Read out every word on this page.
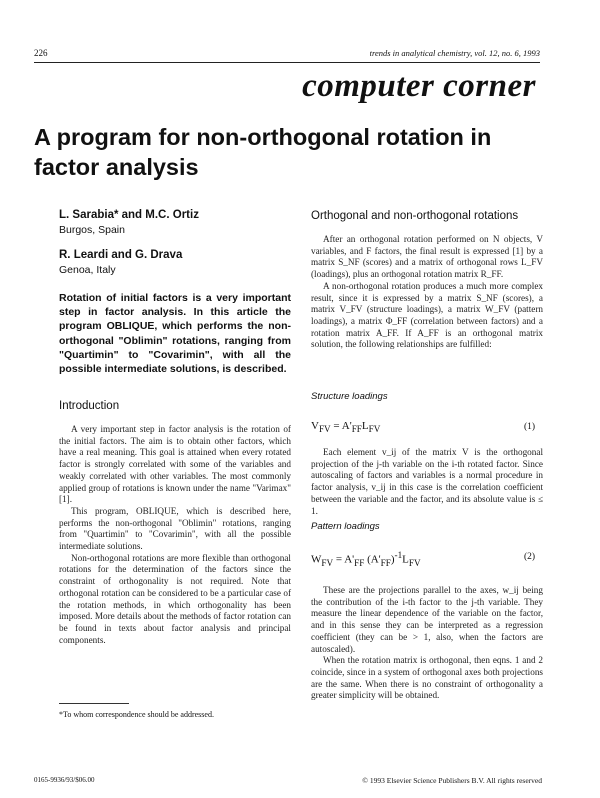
226	trends in analytical chemistry, vol. 12, no. 6, 1993
computer corner
A program for non-orthogonal rotation in factor analysis
L. Sarabia* and M.C. Ortiz
Burgos, Spain
R. Leardi and G. Drava
Genoa, Italy
Rotation of initial factors is a very important step in factor analysis. In this article the program OBLIQUE, which performs the non-orthogonal "Oblimin" rotations, ranging from "Quartimin" to "Covarimin", with all the possible intermediate solutions, is described.
Introduction

A very important step in factor analysis is the rotation of the initial factors. The aim is to obtain other factors, which have a real meaning. This goal is attained when every rotated factor is strongly correlated with some of the variables and weakly correlated with other variables. The most commonly applied group of rotations is known under the name "Varimax" [1].

This program, OBLIQUE, which is described here, performs the non-orthogonal "Oblimin" rotations, ranging from "Quartimin" to "Covarimin", with all the possible intermediate solutions.

Non-orthogonal rotations are more flexible than orthogonal rotations for the determination of the factors since the constraint of orthogonality is not required. Note that orthogonal rotation can be considered to be a particular case of the rotation methods, in which orthogonality has been imposed. More details about the methods of factor rotation can be found in texts about factor analysis and principal components.

Orthogonal and non-orthogonal rotations

After an orthogonal rotation performed on N objects, V variables, and F factors, the final result is expressed [1] by a matrix S_NF (scores) and a matrix of orthogonal rows L_FV (loadings), plus an orthogonal rotation matrix R_FF.

A non-orthogonal rotation produces a much more complex result, since it is expressed by a matrix S_NF (scores), a matrix V_FV (structure loadings), a matrix W_FV (pattern loadings), a matrix Φ_FF (correlation between factors) and a rotation matrix A_FF. If A_FF is an orthogonal matrix solution, the following relationships are fulfilled:

Structure loadings
$V_{FV} = A'_{FF}L_{FV}$	(1)

Each element v_ij of the matrix V is the orthogonal projection of the j-th variable on the i-th rotated factor. Since autoscaling of factors and variables is a normal procedure in factor analysis, v_ij in this case is the correlation coefficient between the variable and the factor, and its absolute value is ≤ 1.

Pattern loadings
$W_{FV} = A'_{FF}$ $(A'_{FF})^{-1}L_{FV}$
(2)

These are the projections parallel to the axes, w_ij being the contribution of the i-th factor to the j-th variable. They measure the linear dependence of the variable on the factor, and in this sense they can be interpreted as a regression coefficient (they can be > 1, also, when the factors are autoscaled).

When the rotation matrix is orthogonal, then eqns. 1 and 2 coincide, since in a system of orthogonal axes both projections are the same. When there is no constraint of orthogonality a greater simplicity will be obtained.

*To whom correspondence should be addressed.
0165-9936/93/$06.00	© 1993 Elsevier Science Publishers B.V. All rights reserved
